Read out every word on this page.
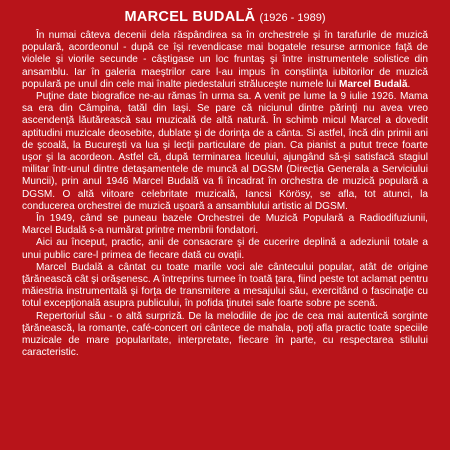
MARCEL BUDALĂ (1926 - 1989)

În numai câteva decenii dela răspândirea sa în orchestrele şi în tarafurile de muzică populară, acordeonul - după ce îşi revendicase mai bogatele resurse armonice faţă de violele şi viorile secunde - câştigase un loc fruntaş şi între instrumentele solistice din ansamblu. Iar în galeria maeştrilor care l-au impus în conştiinţa iubitorilor de muzică populară pe unul din cele mai înalte piedestaluri străluceşte numele lui Marcel Budală.

Puţine date biografice ne-au rămas în urma sa. A venit pe lume la 9 iulie 1926. Mama sa era din Câmpina, tatăl din Iaşi. Se pare că niciunul dintre părinţi nu avea vreo ascendenţă lăutărească sau muzicală de altă natură. În schimb micul Marcel a dovedit aptitudini muzicale deosebite, dublate şi de dorinţa de a cânta. Si astfel, încă din primii ani de şcoală, la Bucureşti va lua şi lecţii particulare de pian. Ca pianist a putut trece foarte uşor şi la acordeon. Astfel că, după terminarea liceului, ajungând să-şi satisfacă stagiul militar într-unul dintre detaşamentele de muncă al DGSM (Direcţia Generala a Serviciului Muncii), prin anul 1946 Marcel Budală va fi încadrat în orchestra de muzică populară a DGSM. O altă viitoare celebritate muzicală, Iancsi Körösy, se afla, tot atunci, la conducerea orchestrei de muzică uşoară a ansamblului artistic al DGSM.

În 1949, când se puneau bazele Orchestrei de Muzică Populară a Radiodifuziunii, Marcel Budală s-a numărat printre membrii fondatori.

Aici au început, practic, anii de consacrare şi de cucerire deplină a adeziunii totale a unui public care-l primea de fiecare dată cu ovaţii.

Marcel Budală a cântat cu toate marile voci ale cântecului popular, atât de origine ţărănească cât şi orăşenesc. A întreprins turnee în toată ţara, fiind peste tot aclamat pentru măiestria instrumentală şi forţa de transmitere a mesajului său, exercitând o fascinaţie cu totul excepţională asupra publicului, în pofida ţinutei sale foarte sobre pe scenă.

Repertoriul său - o altă surpriză. De la melodiile de joc de cea mai autentică sorginte ţărănească, la romanţe, café-concert ori cântece de mahala, poţi afla practic toate speciile muzicale de mare popularitate, interpretate, fiecare în parte, cu respectarea stilului caracteristic.
